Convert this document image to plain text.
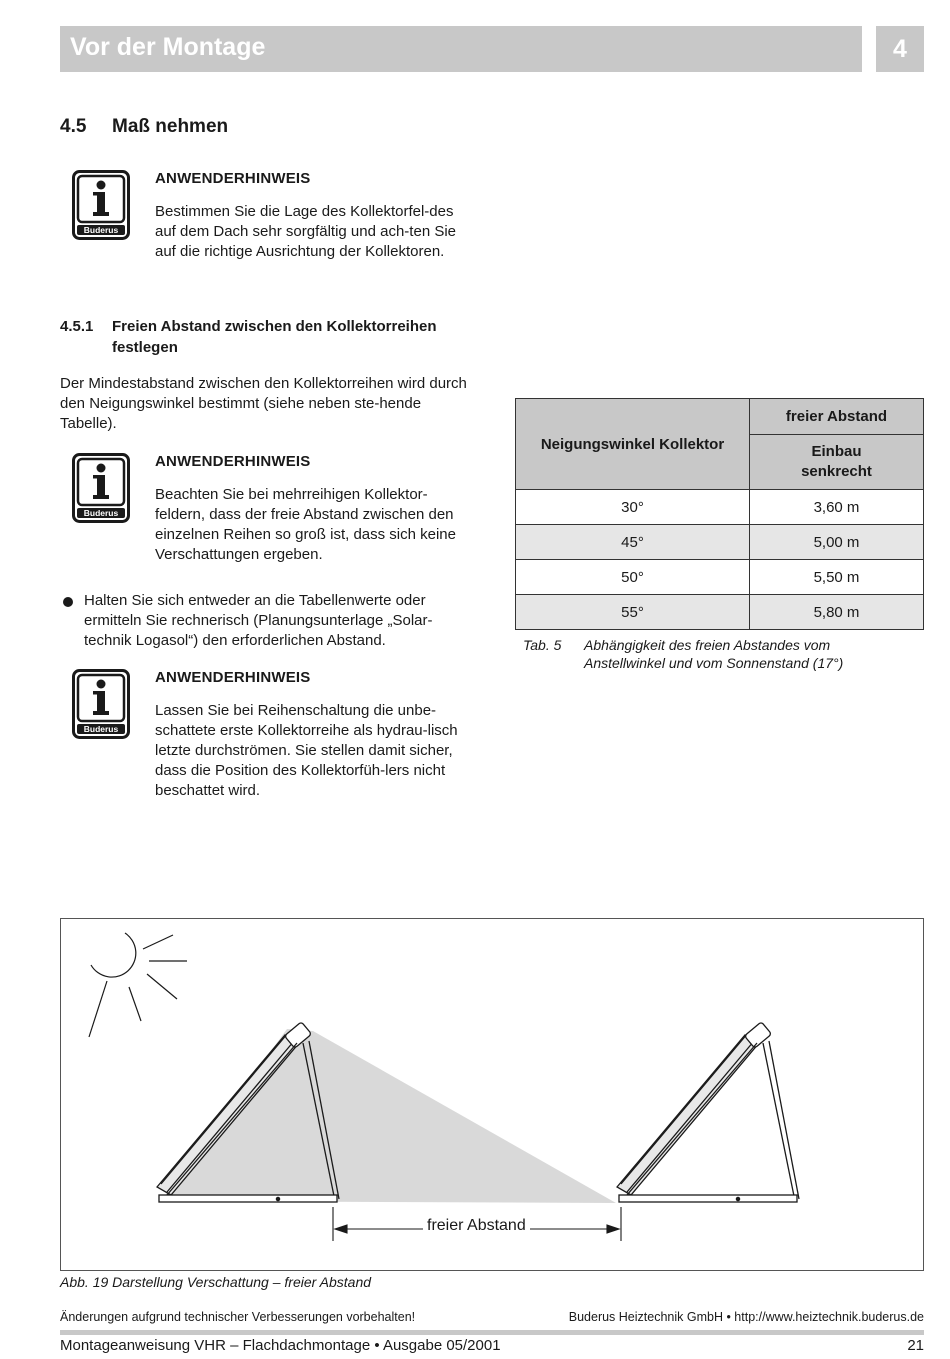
Vor der Montage	4
4.5 Maß nehmen
Buderus
ANWENDERHINWEIS
Bestimmen Sie die Lage des Kollektorfel-des auf dem Dach sehr sorgfältig und ach-ten Sie auf die richtige Ausrichtung der Kollektoren.
4.5.1 Freien Abstand zwischen den Kollektorreihen festlegen
Der Mindestabstand zwischen den Kollektorreihen wird durch den Neigungswinkel bestimmt (siehe neben ste-hende Tabelle).
Buderus
ANWENDERHINWEIS
Beachten Sie bei mehrreihigen Kollektor-feldern, dass der freie Abstand zwischen den einzelnen Reihen so groß ist, dass sich keine Verschattungen ergeben.
Halten Sie sich entweder an die Tabellenwerte oder ermitteln Sie rechnerisch (Planungsunterlage „Solar-technik Logasol“) den erforderlichen Abstand.
Buderus
ANWENDERHINWEIS
Lassen Sie bei Reihenschaltung die unbe-schattete erste Kollektorreihe als hydrau-lisch letzte durchströmen. Sie stellen damit sicher, dass die Position des Kollektorfüh-lers nicht beschattet wird.
Neigungswinkel Kollektor	freier Abstand
	Einbau senkrecht
30°	3,60 m
45°	5,00 m
50°	5,50 m
55°	5,80 m
Tab. 5 Abhängigkeit des freien Abstandes vom Anstellwinkel und vom Sonnenstand (17°)
freier Abstand
Abb. 19 Darstellung Verschattung – freier Abstand
Änderungen aufgrund technischer Verbesserungen vorbehalten!	Buderus Heiztechnik GmbH • http://www.heiztechnik.buderus.de
Montageanweisung VHR – Flachdachmontage • Ausgabe 05/2001	21
